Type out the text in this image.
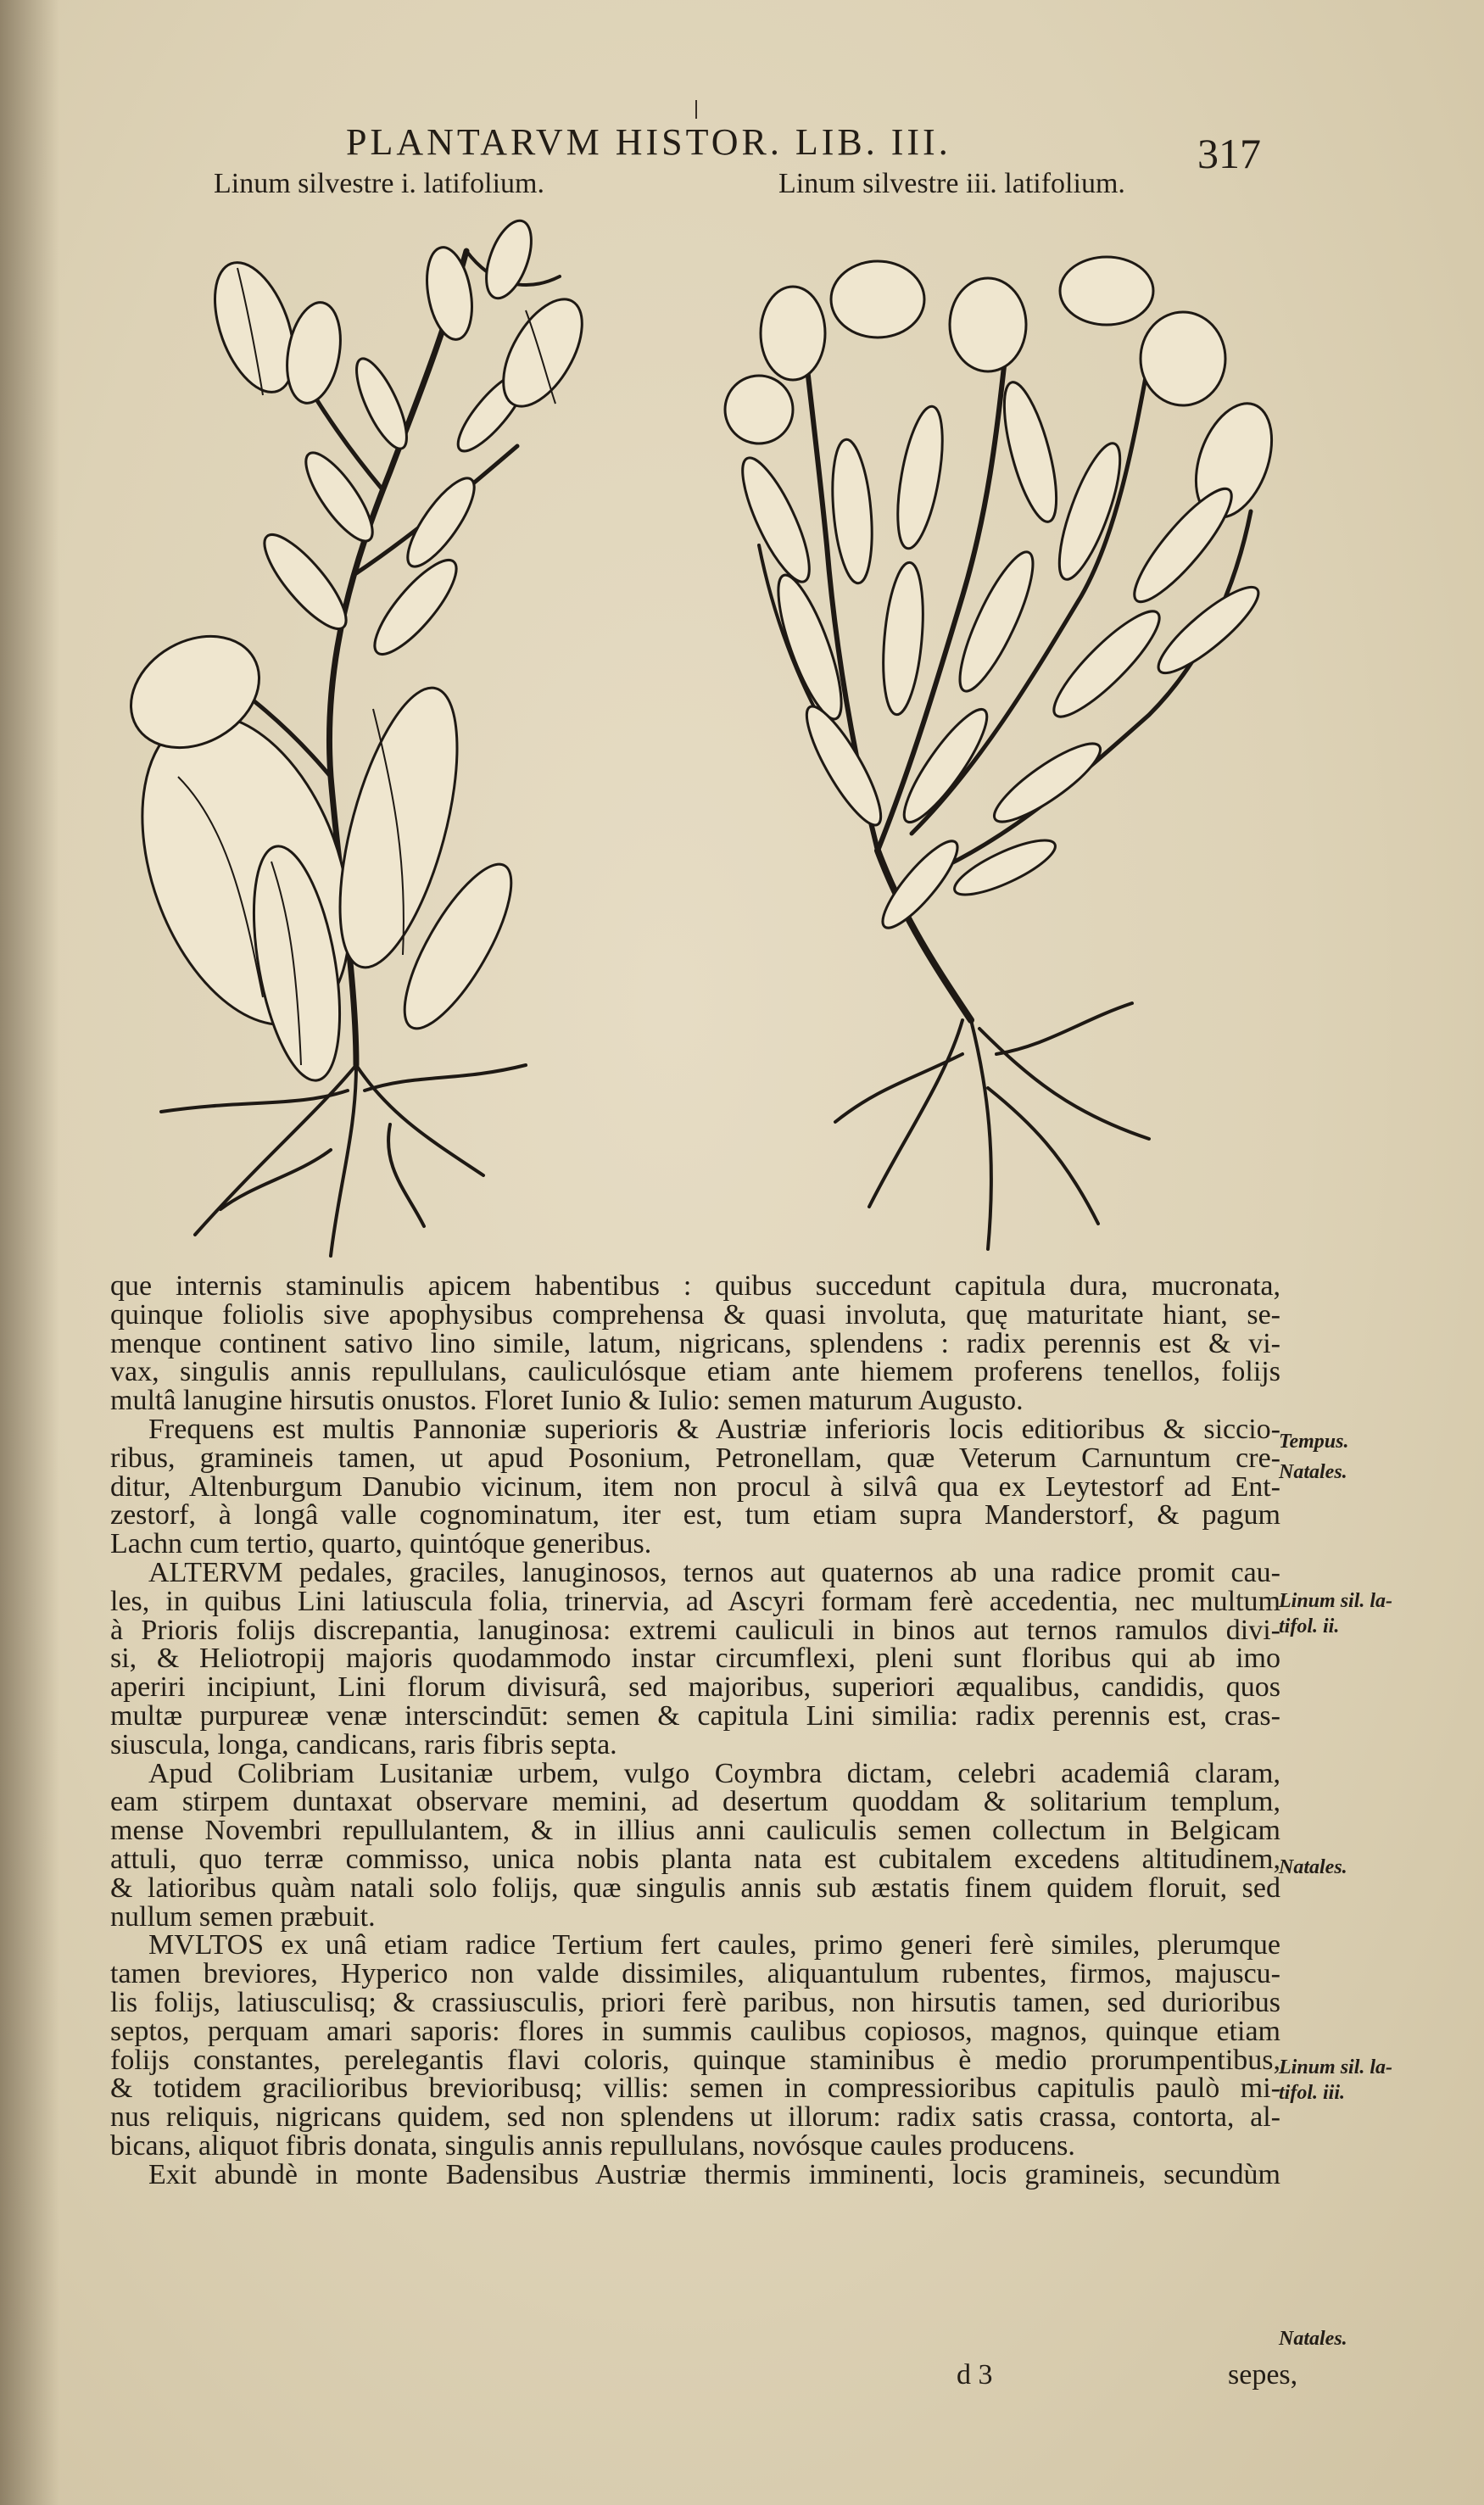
PLANTARVM HISTOR. LIB. III.	317
Linum silvestre i. latifolium.	Linum silvestre iii. latifolium.
que internis staminulis apicem habentibus : quibus succedunt capitula dura, mucronata,
quinque foliolis sive apophysibus comprehensa & quasi involuta, quę maturitate hiant, se-
menque continent sativo lino simile, latum, nigricans, splendens : radix perennis est & vi-
vax, singulis annis repullulans, cauliculósque etiam ante hiemem proferens tenellos, folijs
multâ lanugine hirsutis onustos. Floret Iunio & Iulio: semen maturum Augusto.
Frequens est multis Pannoniæ superioris & Austriæ inferioris locis editioribus & siccio-
ribus, gramineis tamen, ut apud Posonium, Petronellam, quæ Veterum Carnuntum cre-
ditur, Altenburgum Danubio vicinum, item non procul à silvâ qua ex Leytestorf ad Ent-
zestorf, à longâ valle cognominatum, iter est, tum etiam supra Manderstorf, & pagum
Lachn cum tertio, quarto, quintóque generibus.
ALTERVM pedales, graciles, lanuginosos, ternos aut quaternos ab una radice promit cau-
les, in quibus Lini latiuscula folia, trinervia, ad Ascyri formam ferè accedentia, nec multum
à Prioris folijs discrepantia, lanuginosa: extremi cauliculi in binos aut ternos ramulos divi-
si, & Heliotropij majoris quodammodo instar circumflexi, pleni sunt floribus qui ab imo
aperiri incipiunt, Lini florum divisurâ, sed majoribus, superiori æqualibus, candidis, quos
multæ purpureæ venæ interscindūt: semen & capitula Lini similia: radix perennis est, cras-
siuscula, longa, candicans, raris fibris septa.
Apud Colibriam Lusitaniæ urbem, vulgo Coymbra dictam, celebri academiâ claram,
eam stirpem duntaxat observare memini, ad desertum quoddam & solitarium templum,
mense Novembri repullulantem, & in illius anni cauliculis semen collectum in Belgicam
attuli, quo terræ commisso, unica nobis planta nata est cubitalem excedens altitudinem,
& latioribus quàm natali solo folijs, quæ singulis annis sub æstatis finem quidem floruit, sed
nullum semen præbuit.
MVLTOS ex unâ etiam radice Tertium fert caules, primo generi ferè similes, plerumque
tamen breviores, Hyperico non valde dissimiles, aliquantulum rubentes, firmos, majuscu-
lis folijs, latiusculisq; & crassiusculis, priori ferè paribus, non hirsutis tamen, sed durioribus
septos, perquam amari saporis: flores in summis caulibus copiosos, magnos, quinque etiam
folijs constantes, perelegantis flavi coloris, quinque staminibus è medio prorumpentibus,
& totidem gracilioribus brevioribusq; villis: semen in compressioribus capitulis paulò mi-
nus reliquis, nigricans quidem, sed non splendens ut illorum: radix satis crassa, contorta, al-
bicans, aliquot fibris donata, singulis annis repullulans, novósque caules producens.
Exit abundè in monte Badensibus Austriæ thermis imminenti, locis gramineis, secundùm
Tempus.
Natales.
Linum sil. la-
tifol. ii.
Natales.
Linum sil. la-
tifol. iii.
Natales.
d 3	sepes,
